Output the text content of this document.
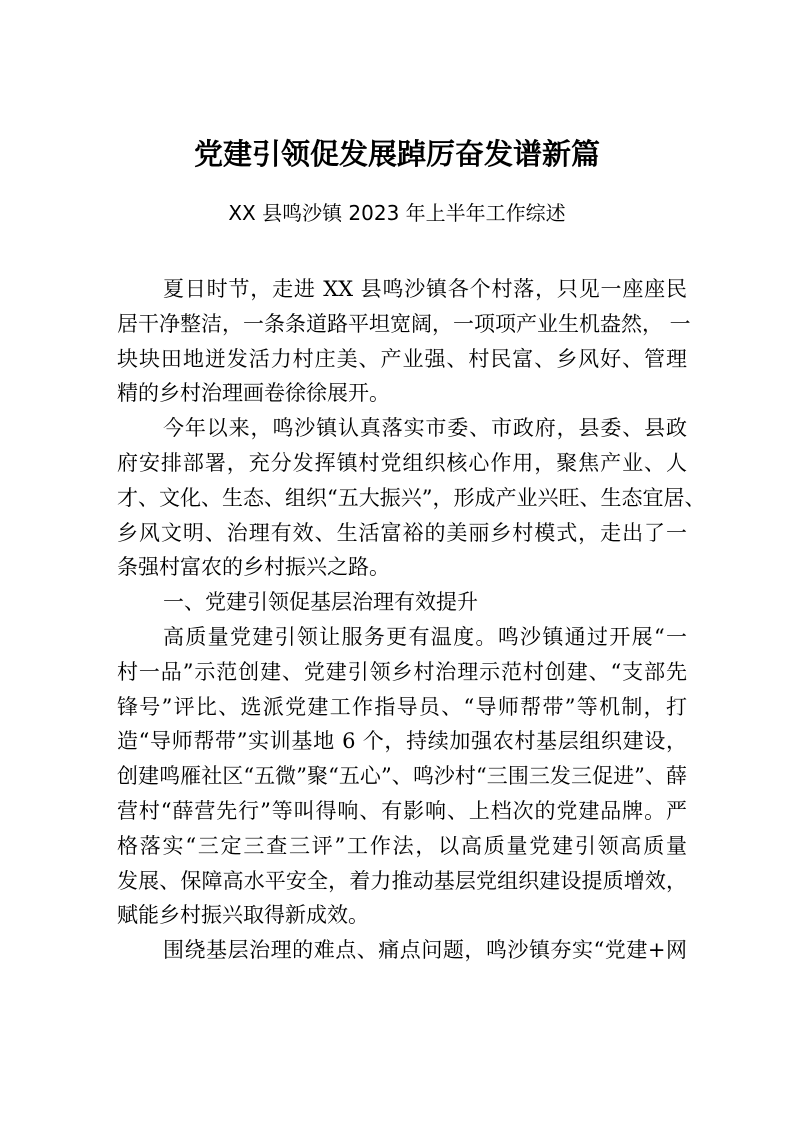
党建引领促发展踔厉奋发谱新篇
XX 县鸣沙镇 2023 年上半年工作综述
夏日时节，走进 XX 县鸣沙镇各个村落，只见一座座民
居干净整洁，一条条道路平坦宽阔，一项项产业生机盎然， 一
块块田地迸发活力村庄美、产业强、村民富、乡风好、管理
精的乡村治理画卷徐徐展开。
今年以来，鸣沙镇认真落实市委、市政府，县委、县政
府安排部署，充分发挥镇村党组织核心作用，聚焦产业、人
才、文化、生态、组织“五大振兴”，形成产业兴旺、生态宜居、
乡风文明、治理有效、生活富裕的美丽乡村模式，走出了一
条强村富农的乡村振兴之路。
一、党建引领促基层治理有效提升
高质量党建引领让服务更有温度。鸣沙镇通过开展“一
村一品”示范创建、党建引领乡村治理示范村创建、“支部先
锋号”评比、选派党建工作指导员、“导师帮带”等机制，打
造“导师帮带”实训基地 6 个，持续加强农村基层组织建设，
创建鸣雁社区“五微”聚“五心”、鸣沙村“三围三发三促进”、薛
营村“薛营先行”等叫得响、有影响、上档次的党建品牌。严
格落实“三定三查三评”工作法，以高质量党建引领高质量
发展、保障高水平安全，着力推动基层党组织建设提质增效，
赋能乡村振兴取得新成效。
围绕基层治理的难点、痛点问题，鸣沙镇夯实“党建+网
